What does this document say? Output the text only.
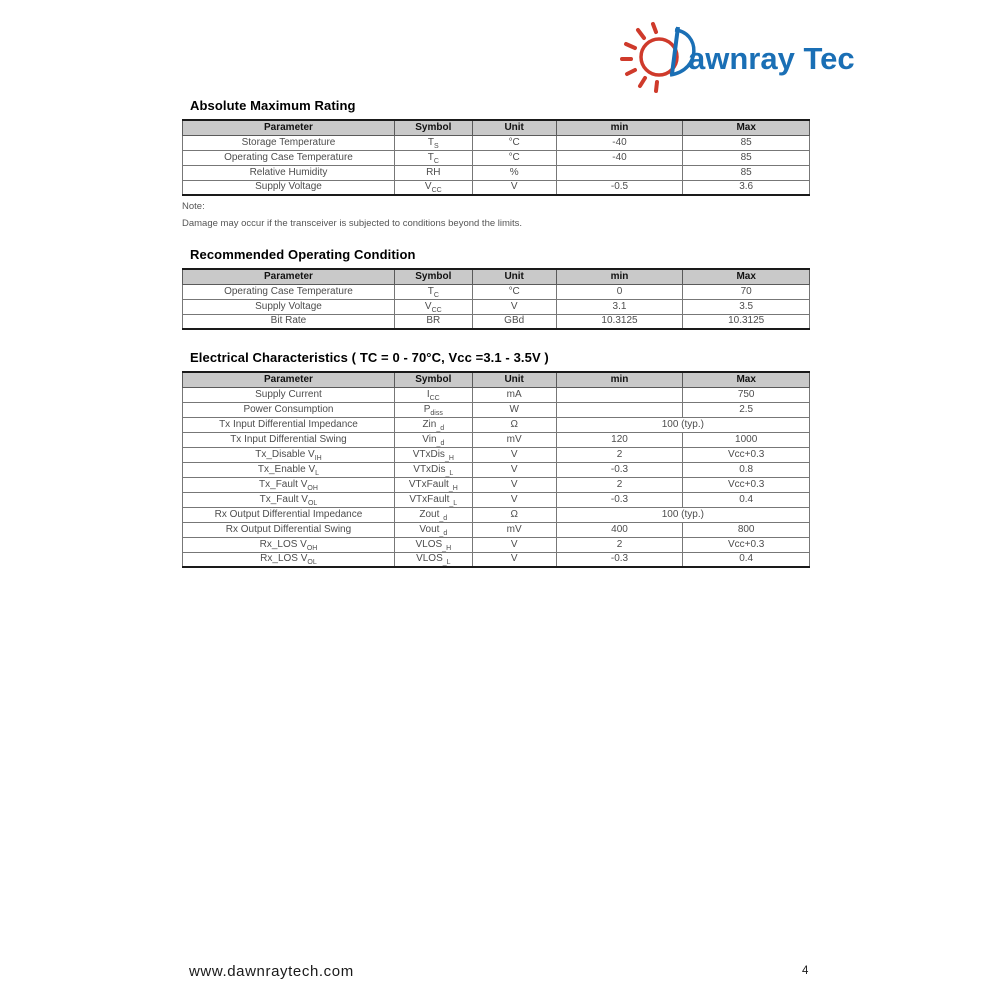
awnray Tech
Absolute Maximum Rating
Parameter	Symbol	Unit	min	Max
Storage Temperature	$T_S$	°C	-40	85
Operating Case Temperature	$T_C$	°C	-40	85
Relative Humidity	RH	%		85
Supply Voltage	$V_{CC}$	V	-0.5	3.6
Note:
Damage may occur if the transceiver is subjected to conditions beyond the limits.
Recommended Operating Condition
Parameter	Symbol	Unit	min	Max
Operating Case Temperature	$T_C$	°C	0	70
Supply Voltage	$V_{CC}$	V	3.1	3.5
Bit Rate	BR	GBd	10.3125	10.3125
Electrical Characteristics ( TC = 0 - 70°C, Vcc =3.1 - 3.5V )
Parameter	Symbol	Unit	min	Max
Supply Current	$I_{CC}$	mA		750
Power Consumption	$P_{diss}$	W		2.5
Tx Input Differential Impedance	Zin$_{\_d}$	Ω	100 (typ.)	
Tx Input Differential Swing	Vin$_{\_d}$	mV	120	1000
Tx_Disable $V_{IH}$	VTxDis$_{\_H}$	V	2	Vcc+0.3
Tx_Enable $V_L$	VTxDis$_{\_L}$	V	-0.3	0.8
Tx_Fault $V_{OH}$	VTxFault$_{\_H}$	V	2	Vcc+0.3
Tx_Fault $V_{OL}$	VTxFault$_{\_L}$	V	-0.3	0.4
Rx Output Differential Impedance	Zout$_{\_d}$	Ω	100 (typ.)	
Rx Output Differential Swing	Vout$_{\_d}$	mV	400	800
Rx_LOS $V_{OH}$	$VLOS_{\_H}$	V	2	Vcc+0.3
Rx_LOS $V_{OL}$	$VLOS_{\_L}$	V	-0.3	0.4
www.dawnraytech.com	4
